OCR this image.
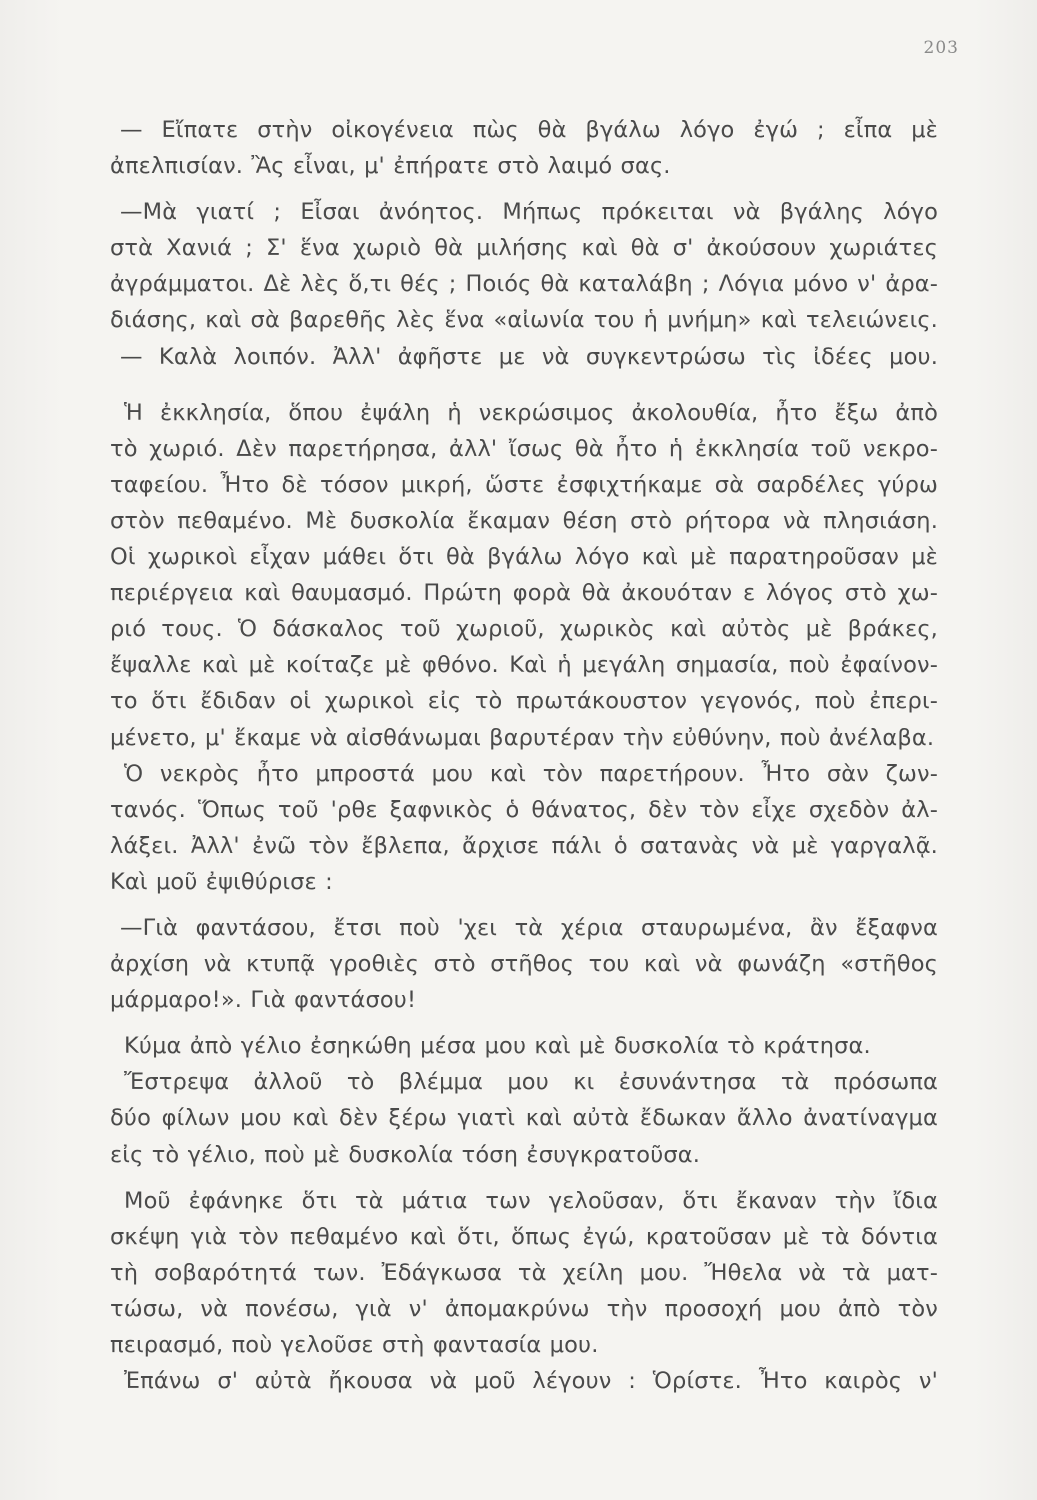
203
— Εἴπατε στὴν οἰκογένεια πὼς θὰ βγάλω λόγο ἐγώ ; εἶπα μὲ
ἀπελπισίαν. Ἂς εἶναι, μ' ἐπήρατε στὸ λαιμό σας.
—Μὰ γιατί ; Εἶσαι ἀνόητος. Μήπως πρόκειται νὰ βγάλης λόγο
στὰ Χανιά ; Σ' ἕνα χωριὸ θὰ μιλήσης καὶ θὰ σ' ἀκούσουν χωριάτες
ἀγράμματοι. Δὲ λὲς ὅ,τι θές ; Ποιός θὰ καταλάβη ; Λόγια μόνο ν' ἀρα-
διάσης, καὶ σὰ βαρεθῆς λὲς ἕνα «αἰωνία του ἡ μνήμη» καὶ τελειώνεις.
— Καλὰ λοιπόν. Ἀλλ' ἀφῆστε με νὰ συγκεντρώσω τὶς ἰδέες μου.
Ἡ ἐκκλησία, ὅπου ἐψάλη ἡ νεκρώσιμος ἀκολουθία, ἦτο ἔξω ἀπὸ
τὸ χωριό. Δὲν παρετήρησα, ἀλλ' ἴσως θὰ ἦτο ἡ ἐκκλησία τοῦ νεκρο-
ταφείου. Ἦτο δὲ τόσον μικρή, ὥστε ἐσφιχτήκαμε σὰ σαρδέλες γύρω
στὸν πεθαμένο. Μὲ δυσκολία ἔκαμαν θέση στὸ ρήτορα νὰ πλησιάση.
Οἱ χωρικοὶ εἶχαν μάθει ὅτι θὰ βγάλω λόγο καὶ μὲ παρατηροῦσαν μὲ
περιέργεια καὶ θαυμασμό. Πρώτη φορὰ θὰ ἀκουόταν ε λόγος στὸ χω-
ριό τους. Ὁ δάσκαλος τοῦ χωριοῦ, χωρικὸς καὶ αὐτὸς μὲ βράκες,
ἔψαλλε καὶ μὲ κοίταζε μὲ φθόνο. Καὶ ἡ μεγάλη σημασία, ποὺ ἐφαίνον-
το ὅτι ἔδιδαν οἱ χωρικοὶ εἰς τὸ πρωτάκουστον γεγονός, ποὺ ἐπερι-
μένετο, μ' ἔκαμε νὰ αἰσθάνωμαι βαρυτέραν τὴν εὐθύνην, ποὺ ἀνέλαβα.
Ὁ νεκρὸς ἦτο μπροστά μου καὶ τὸν παρετήρουν. Ἦτο σὰν ζων-
τανός. Ὅπως τοῦ 'ρθε ξαφνικὸς ὁ θάνατος, δὲν τὸν εἶχε σχεδὸν ἀλ-
λάξει. Ἀλλ' ἐνῶ τὸν ἔβλεπα, ἄρχισε πάλι ὁ σατανὰς νὰ μὲ γαργαλᾷ.
Καὶ μοῦ ἐψιθύρισε :
—Γιὰ φαντάσου, ἔτσι ποὺ 'χει τὰ χέρια σταυρωμένα, ἂν ἔξαφνα
ἀρχίση νὰ κτυπᾷ γροθιὲς στὸ στῆθος του καὶ νὰ φωνάζη «στῆθος
μάρμαρο!». Γιὰ φαντάσου!
Κύμα ἀπὸ γέλιο ἐσηκώθη μέσα μου καὶ μὲ δυσκολία τὸ κράτησα.
Ἔστρεψα ἀλλοῦ τὸ βλέμμα μου κι ἐσυνάντησα τὰ πρόσωπα
δύο φίλων μου καὶ δὲν ξέρω γιατὶ καὶ αὐτὰ ἔδωκαν ἄλλο ἀνατίναγμα
εἰς τὸ γέλιο, ποὺ μὲ δυσκολία τόση ἐσυγκρατοῦσα.
Μοῦ ἐφάνηκε ὅτι τὰ μάτια των γελοῦσαν, ὅτι ἔκαναν τὴν ἴδια
σκέψη γιὰ τὸν πεθαμένο καὶ ὅτι, ὅπως ἐγώ, κρατοῦσαν μὲ τὰ δόντια
τὴ σοβαρότητά των. Ἐδάγκωσα τὰ χείλη μου. Ἤθελα νὰ τὰ ματ-
τώσω, νὰ πονέσω, γιὰ ν' ἀπομακρύνω τὴν προσοχή μου ἀπὸ τὸν
πειρασμό, ποὺ γελοῦσε στὴ φαντασία μου.
Ἐπάνω σ' αὐτὰ ἤκουσα νὰ μοῦ λέγουν : Ὁρίστε. Ἦτο καιρὸς ν'
